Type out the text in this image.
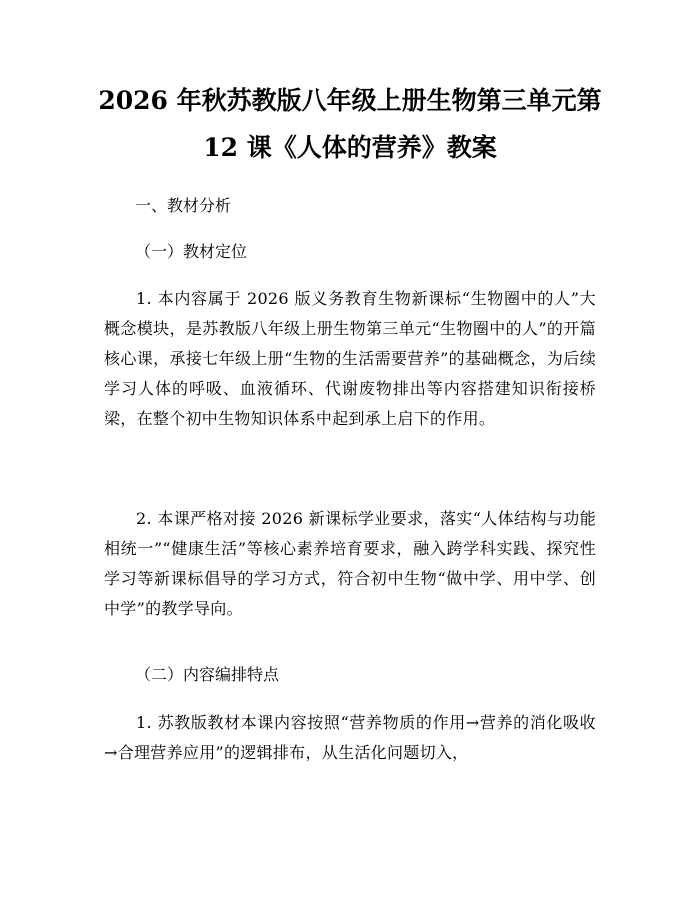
2026 年秋苏教版八年级上册生物第三单元第
12 课《人体的营养》教案
一、教材分析
（一）教材定位
1. 本内容属于 2026 版义务教育生物新课标“生物圈中的人”大概念模块，是苏教版八年级上册生物第三单元“生物圈中的人”的开篇核心课，承接七年级上册“生物的生活需要营养”的基础概念，为后续学习人体的呼吸、血液循环、代谢废物排出等内容搭建知识衔接桥梁，在整个初中生物知识体系中起到承上启下的作用。
2. 本课严格对接 2026 新课标学业要求，落实“人体结构与功能相统一”“健康生活”等核心素养培育要求，融入跨学科实践、探究性学习等新课标倡导的学习方式，符合初中生物“做中学、用中学、创中学”的教学导向。
（二）内容编排特点
1. 苏教版教材本课内容按照“营养物质的作用→营养的消化吸收→合理营养应用”的逻辑排布，从生活化问题切入，
